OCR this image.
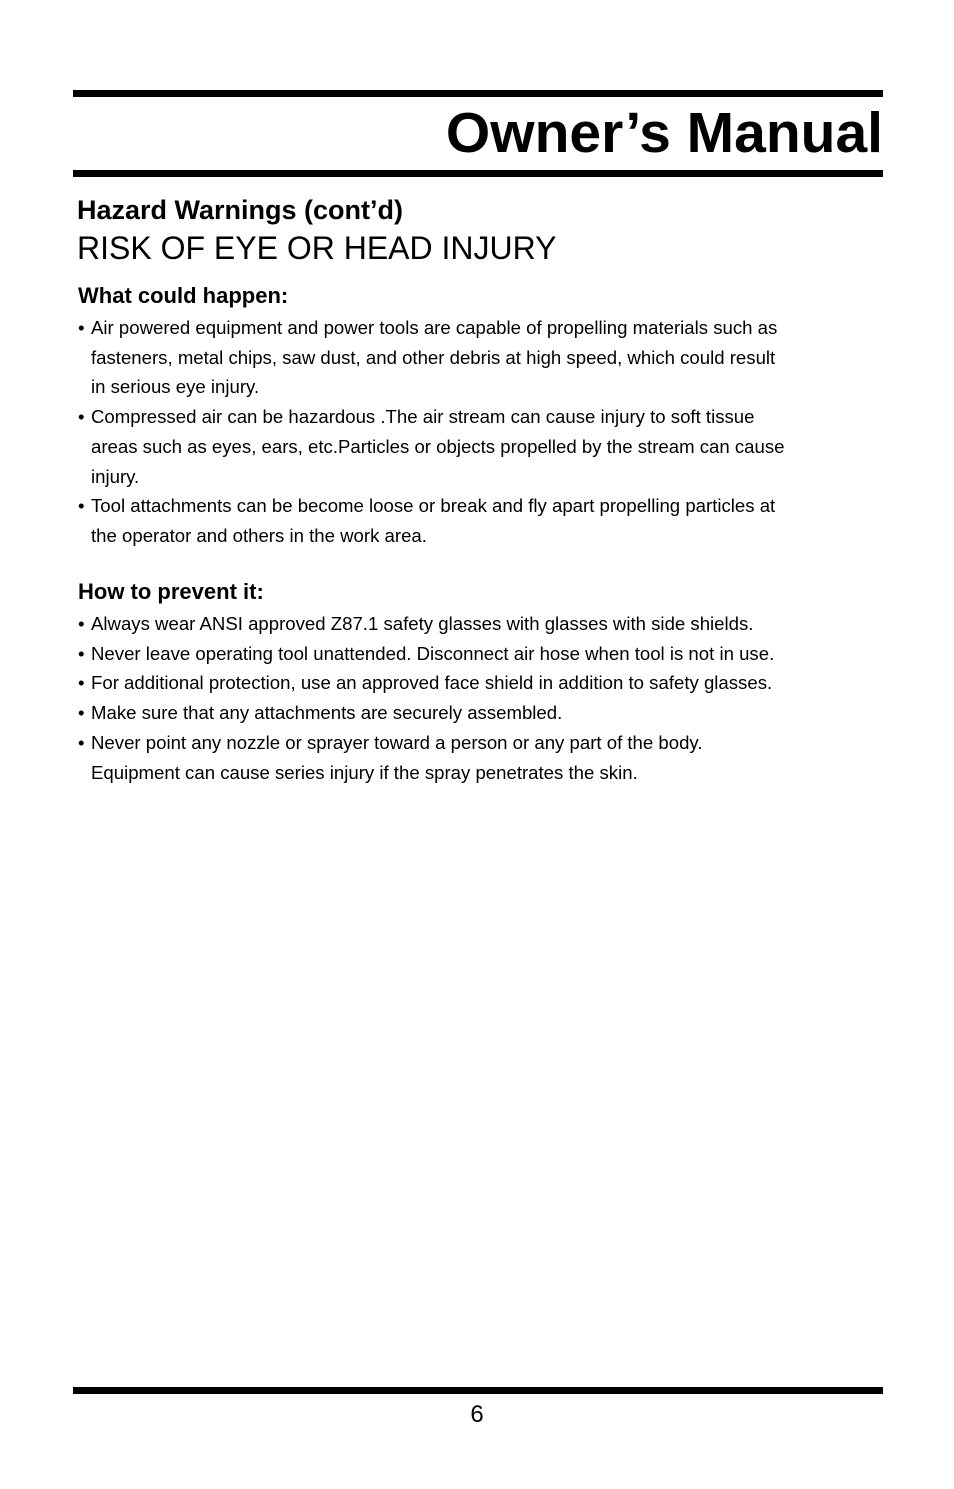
Owner’s Manual
Hazard Warnings (cont’d)
RISK OF EYE OR HEAD INJURY
What could happen:
• Air powered equipment and power tools are capable of propelling materials such as
fasteners, metal chips, saw dust, and other debris at high speed, which could result
in serious eye injury.
• Compressed air can be hazardous .The air stream can cause injury to soft tissue
areas such as eyes, ears, etc.Particles or objects propelled by the stream can cause
injury.
• Tool attachments can be become loose or break and fly apart propelling particles at
the operator and others in the work area.
How to prevent it:
• Always wear ANSI approved Z87.1 safety glasses with glasses with side shields.
• Never leave operating tool unattended. Disconnect air hose when tool is not in use.
• For additional protection, use an approved face shield in addition to safety glasses.
• Make sure that any attachments are securely assembled.
• Never point any nozzle or sprayer toward a person or any part of the body.
Equipment can cause series injury if the spray penetrates the skin.
6
